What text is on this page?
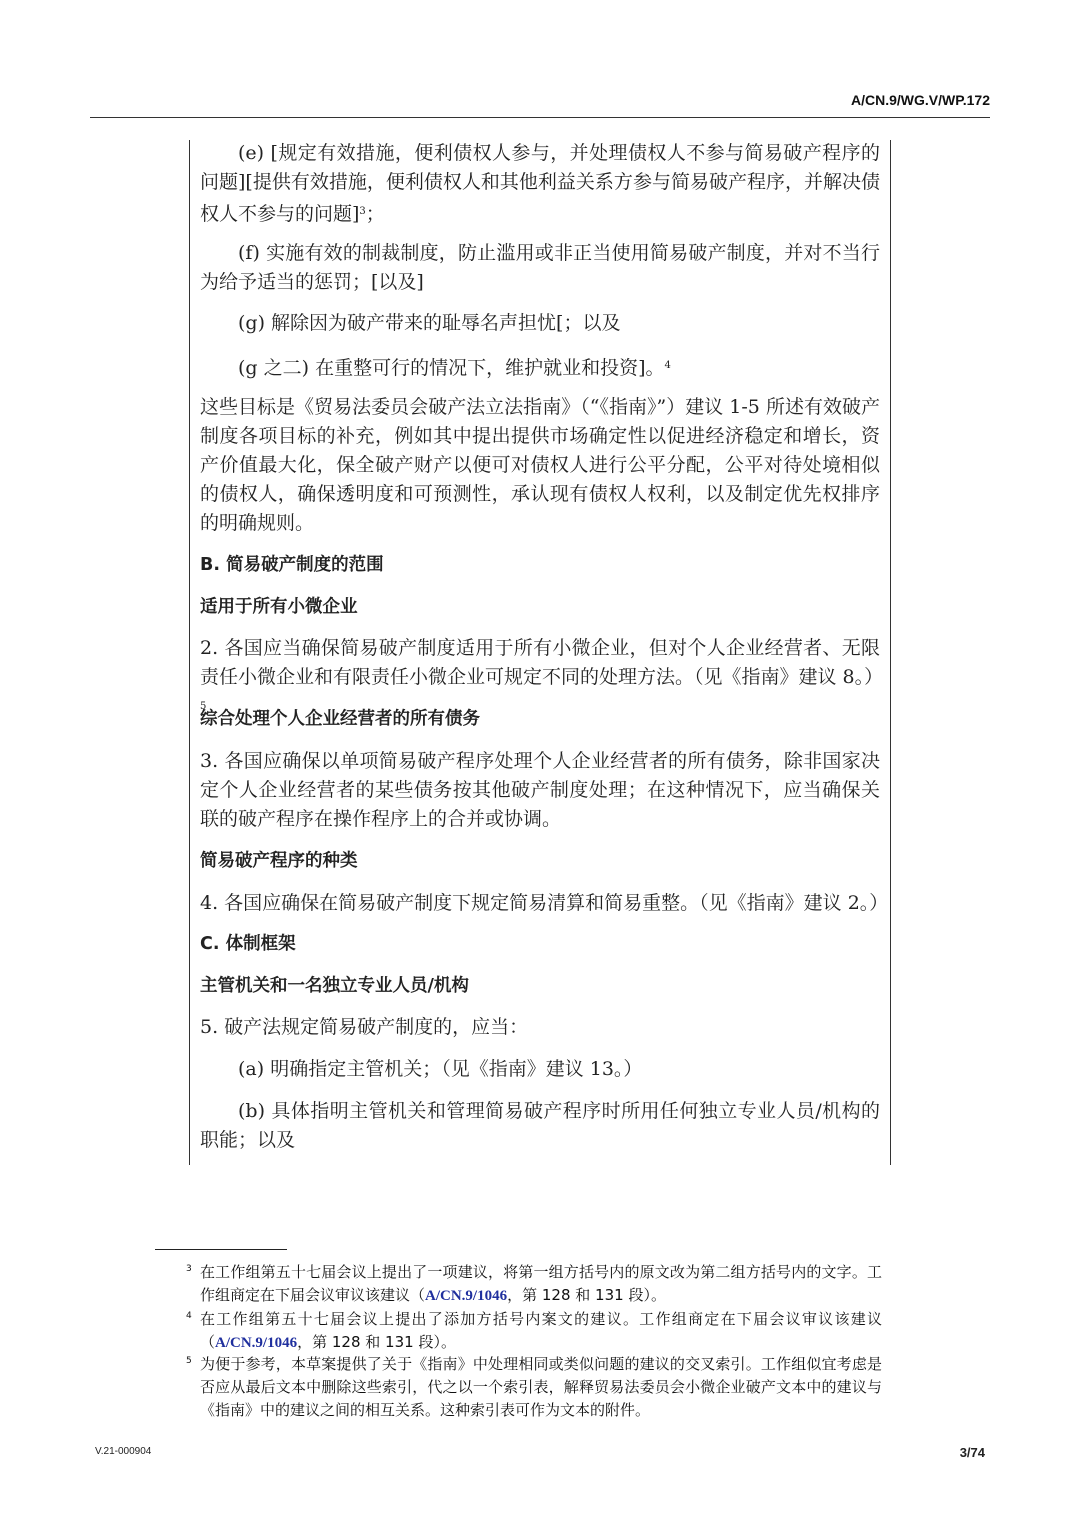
A/CN.9/WG.V/WP.172
(e) [规定有效措施，便利债权人参与，并处理债权人不参与简易破产程序的问题][提供有效措施，便利债权人和其他利益关系方参与简易破产程序，并解决债权人不参与的问题]$^3$；
(f) 实施有效的制裁制度，防止滥用或非正当使用简易破产制度，并对不当行为给予适当的惩罚；[以及]
(g) 解除因为破产带来的耻辱名声担忧[；以及
(g 之二) 在重整可行的情况下，维护就业和投资]。$^4$
这些目标是《贸易法委员会破产法立法指南》（“《指南》”）建议 1-5 所述有效破产制度各项目标的补充，例如其中提出提供市场确定性以促进经济稳定和增长，资产价值最大化，保全破产财产以便可对债权人进行公平分配，公平对待处境相似的债权人，确保透明度和可预测性，承认现有债权人权利，以及制定优先权排序的明确规则。
B. 简易破产制度的范围
适用于所有小微企业
2. 各国应当确保简易破产制度适用于所有小微企业，但对个人企业经营者、无限责任小微企业和有限责任小微企业可规定不同的处理方法。（见《指南》建议 8。）$^5$
综合处理个人企业经营者的所有债务
3. 各国应确保以单项简易破产程序处理个人企业经营者的所有债务，除非国家决定个人企业经营者的某些债务按其他破产制度处理；在这种情况下，应当确保关联的破产程序在操作程序上的合并或协调。
简易破产程序的种类
4. 各国应确保在简易破产制度下规定简易清算和简易重整。（见《指南》建议 2。）
C. 体制框架
主管机关和一名独立专业人员/机构
5. 破产法规定简易破产制度的，应当：
(a) 明确指定主管机关；（见《指南》建议 13。）
(b) 具体指明主管机关和管理简易破产程序时所用任何独立专业人员/机构的职能；以及
3 在工作组第五十七届会议上提出了一项建议，将第一组方括号内的原文改为第二组方括号内的文字。工作组商定在下届会议审议该建议（A/CN.9/1046，第 128 和 131 段）。
4 在工作组第五十七届会议上提出了添加方括号内案文的建议。工作组商定在下届会议审议该建议（A/CN.9/1046，第 128 和 131 段）。
5 为便于参考，本草案提供了关于《指南》中处理相同或类似问题的建议的交叉索引。工作组似宜考虑是否应从最后文本中删除这些索引，代之以一个索引表，解释贸易法委员会小微企业破产文本中的建议与《指南》中的建议之间的相互关系。这种索引表可作为文本的附件。
V.21-000904	3/74
